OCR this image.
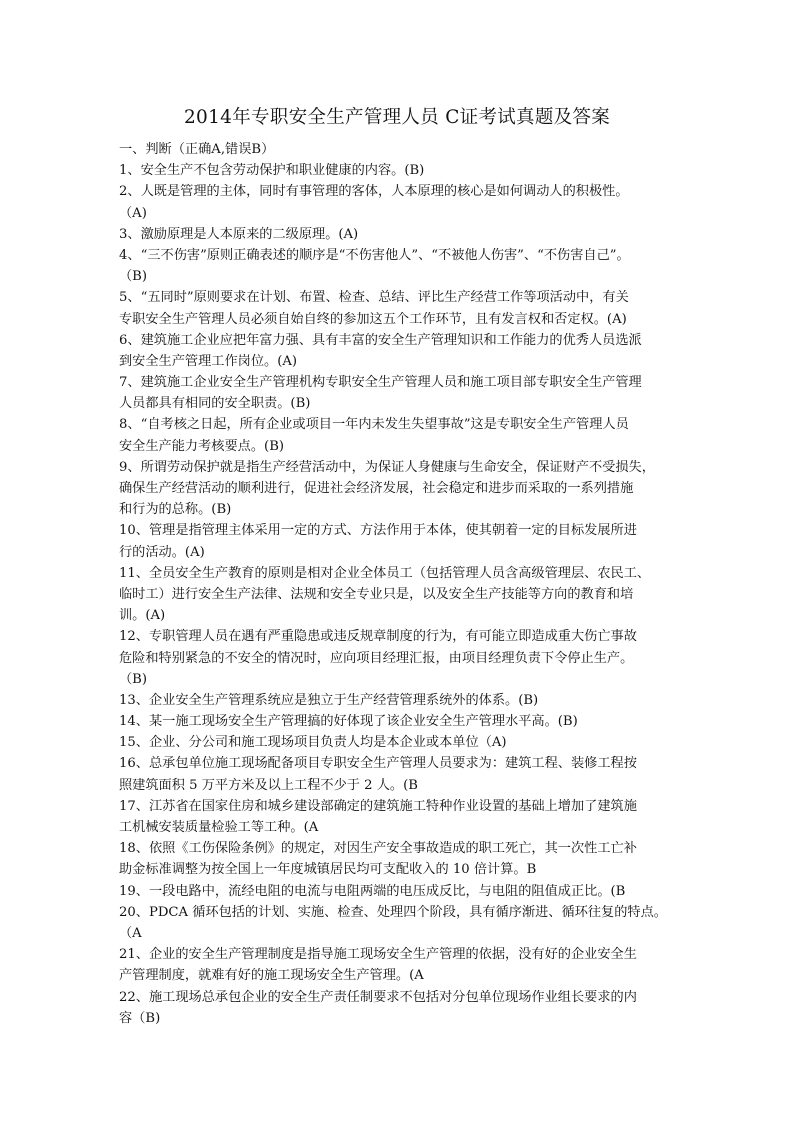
2014年专职安全生产管理人员 C证考试真题及答案
一、判断（正确A,错误B）
1、安全生产不包含劳动保护和职业健康的内容。(B)
2、人既是管理的主体，同时有事管理的客体，人本原理的核心是如何调动人的积极性。
（A)
3、激励原理是人本原来的二级原理。(A)
4、“三不伤害”原则正确表述的顺序是“不伤害他人”、“不被他人伤害”、“不伤害自己”。
（B)
5、“五同时”原则要求在计划、布置、检查、总结、评比生产经营工作等项活动中，有关
专职安全生产管理人员必须自始自终的参加这五个工作环节，且有发言权和否定权。(A)
6、建筑施工企业应把年富力强、具有丰富的安全生产管理知识和工作能力的优秀人员选派
到安全生产管理工作岗位。(A)
7、建筑施工企业安全生产管理机构专职安全生产管理人员和施工项目部专职安全生产管理
人员都具有相同的安全职责。(B)
8、“自考核之日起，所有企业或项目一年内未发生失望事故”这是专职安全生产管理人员
安全生产能力考核要点。(B)
9、所谓劳动保护就是指生产经营活动中，为保证人身健康与生命安全，保证财产不受损失，
确保生产经营活动的顺利进行，促进社会经济发展，社会稳定和进步而采取的一系列措施
和行为的总称。(B)
10、管理是指管理主体采用一定的方式、方法作用于本体，使其朝着一定的目标发展所进
行的活动。(A)
11、全员安全生产教育的原则是相对企业全体员工（包括管理人员含高级管理层、农民工、
临时工）进行安全生产法律、法规和安全专业只是，以及安全生产技能等方向的教育和培
训。(A)
12、专职管理人员在遇有严重隐患或违反规章制度的行为，有可能立即造成重大伤亡事故
危险和特别紧急的不安全的情况时，应向项目经理汇报，由项目经理负责下令停止生产。
（B)
13、企业安全生产管理系统应是独立于生产经营管理系统外的体系。(B)
14、某一施工现场安全生产管理搞的好体现了该企业安全生产管理水平高。(B)
15、企业、分公司和施工现场项目负责人均是本企业或本单位（A)
16、总承包单位施工现场配备项目专职安全生产管理人员要求为：建筑工程、装修工程按
照建筑面积 5 万平方米及以上工程不少于 2 人。(B
17、江苏省在国家住房和城乡建设部确定的建筑施工特种作业设置的基础上增加了建筑施
工机械安装质量检验工等工种。(A
18、依照《工伤保险条例》的规定，对因生产安全事故造成的职工死亡，其一次性工亡补
助金标准调整为按全国上一年度城镇居民均可支配收入的 10 倍计算。B
19、一段电路中，流经电阻的电流与电阻两端的电压成反比，与电阻的阻值成正比。(B
20、PDCA 循环包括的计划、实施、检查、处理四个阶段，具有循序渐进、循环往复的特点。
（A
21、企业的安全生产管理制度是指导施工现场安全生产管理的依据，没有好的企业安全生
产管理制度，就难有好的施工现场安全生产管理。(A
22、施工现场总承包企业的安全生产责任制要求不包括对分包单位现场作业组长要求的内
容（B)
